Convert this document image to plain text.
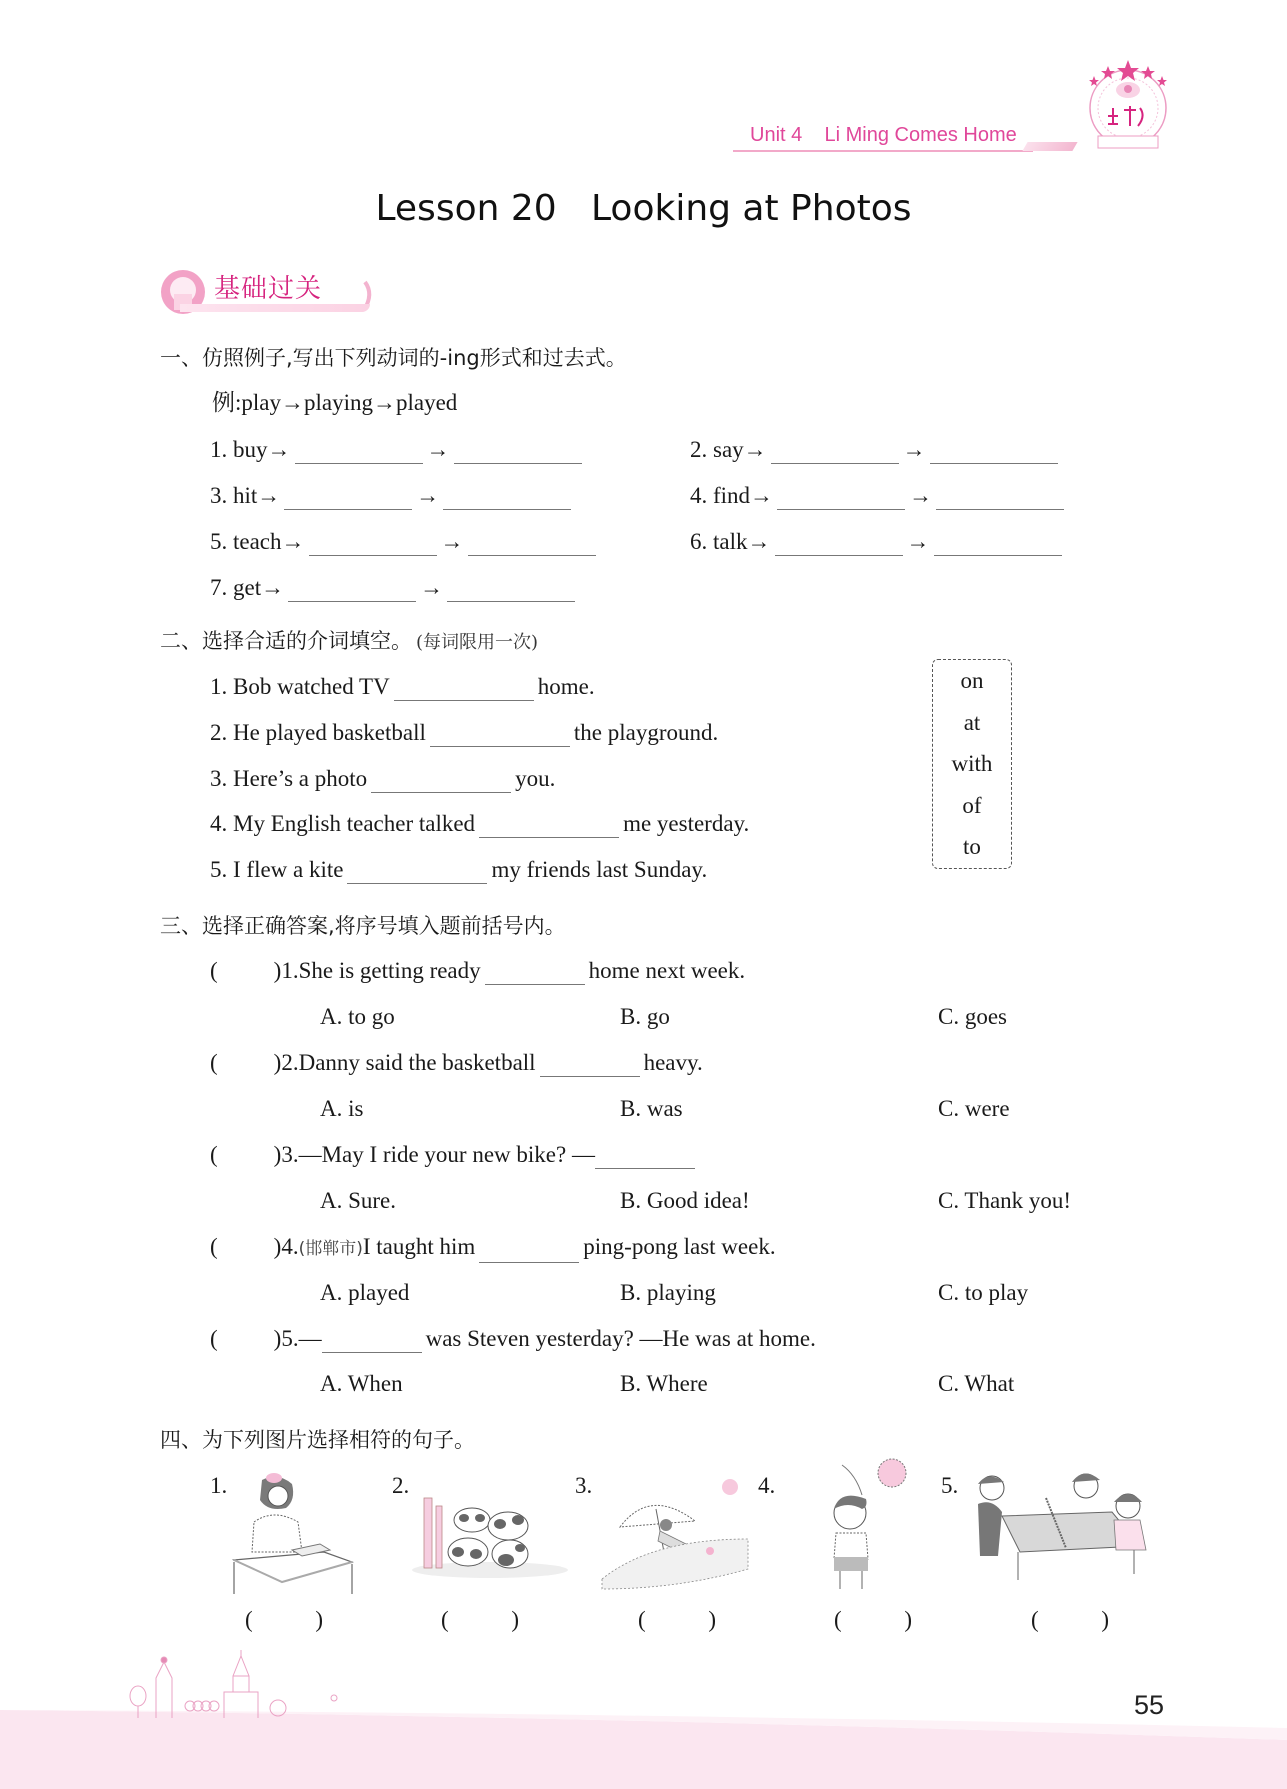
Unit 4    Li Ming Comes Home
Lesson 20   Looking at Photos
基础过关
一、仿照例子,写出下列动词的-ing形式和过去式。
例:play→playing→played
1. buy→	→	2. say→	→
3. hit→	→	4. find→	→
5. teach→	→	6. talk→	→
7. get→	→
二、选择合适的介词填空。 (每词限用一次)
1. Bob watched TV	home.
2. He played basketball	the playground.
3. Here’s a photo	you.
4. My English teacher talked	me yesterday.
5. I flew a kite	my friends last Sunday.
on
at
with
of
to
三、选择正确答案,将序号填入题前括号内。
( )1.She is getting ready	home next week.
A. to go	B. go	C. goes
( )2.Danny said the basketball	heavy.
A. is	B. was	C. were
( )3.—May I ride your new bike? —
A. Sure.	B. Good idea!	C. Thank you!
( )4.(邯郸市)I taught him	ping-pong last week.
A. played	B. playing	C. to play
( )5.—	was Steven yesterday? —He was at home.
A. When	B. Where	C. What
四、为下列图片选择相符的句子。
1.	2.	3.	4.	5.
(	)	(	)	(	)	(	)	(	)
55
